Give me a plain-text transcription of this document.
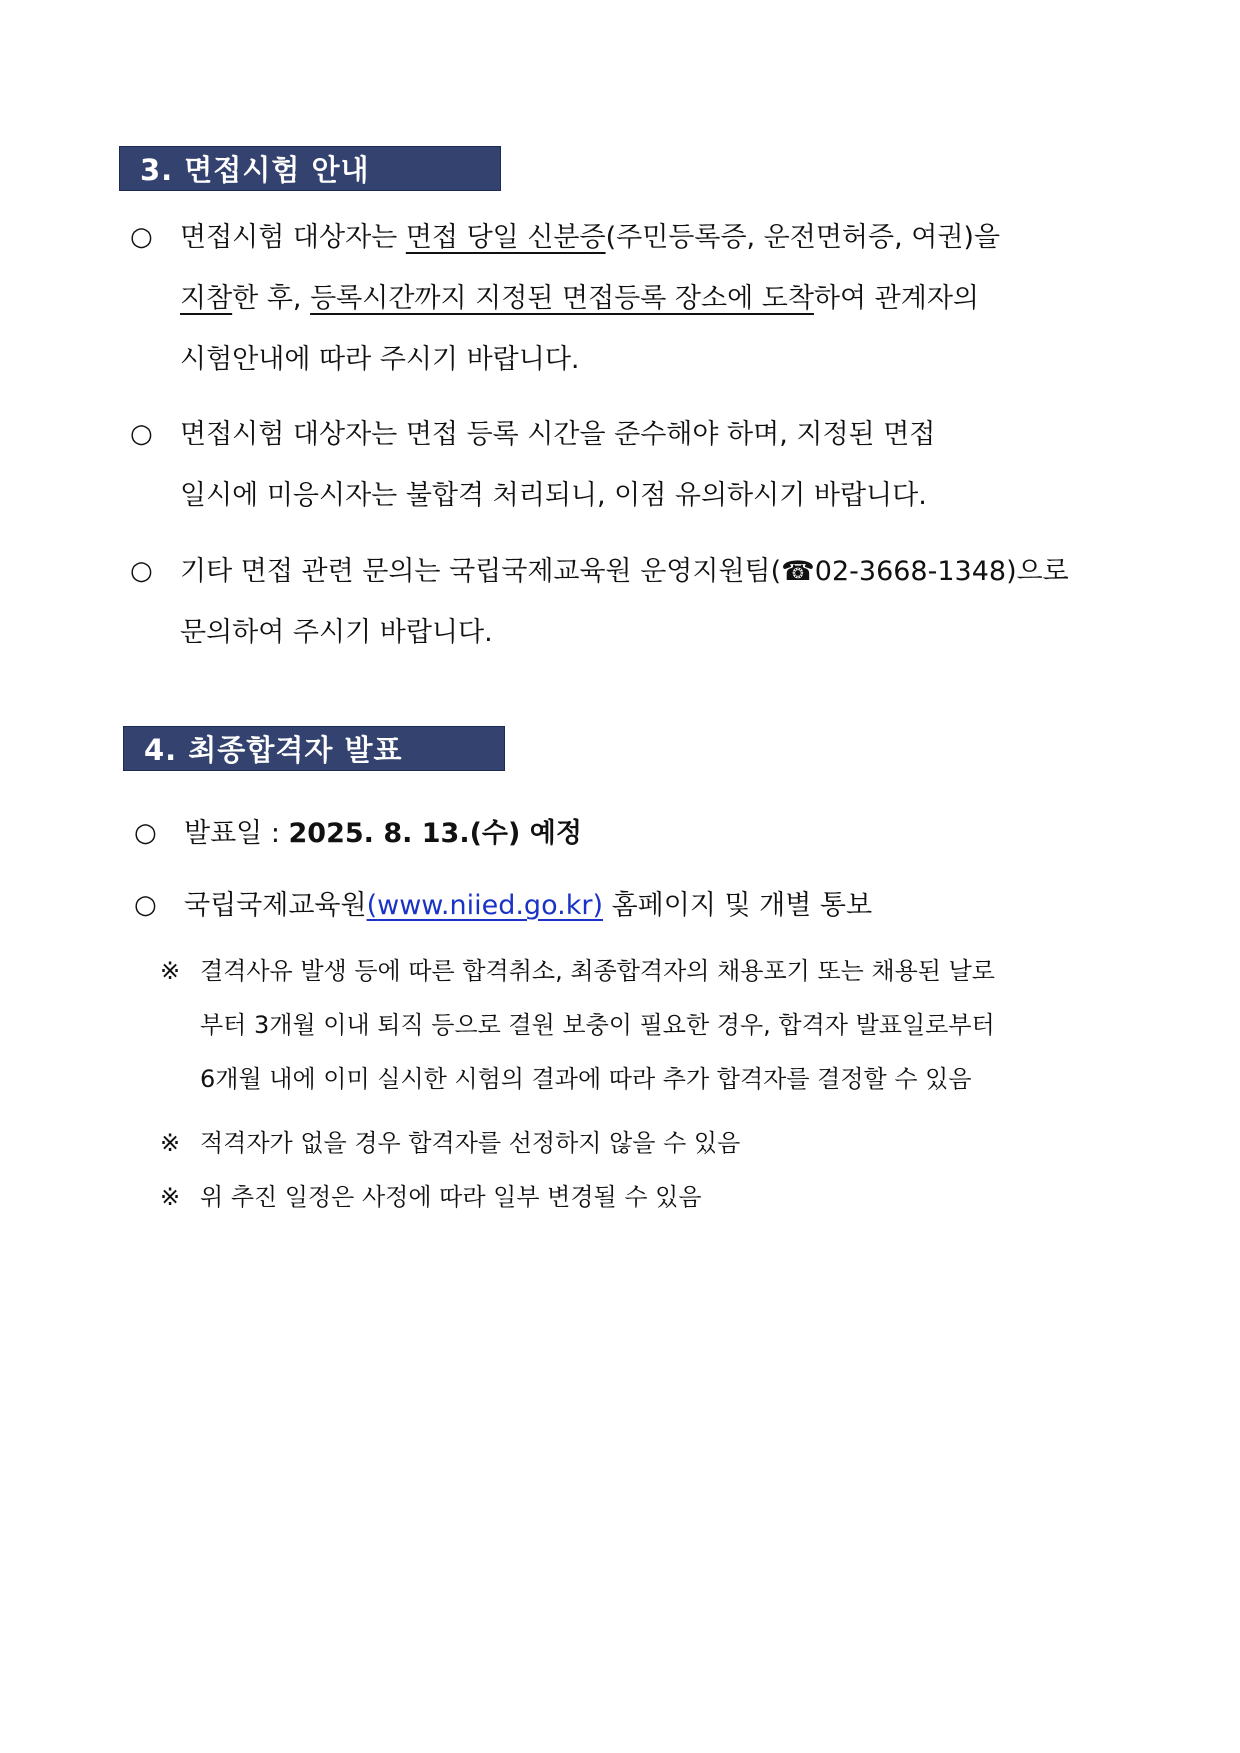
3. 면접시험 안내
○	면접시험 대상자는 면접 당일 신분증(주민등록증, 운전면허증, 여권)을
지참한 후, 등록시간까지 지정된 면접등록 장소에 도착하여 관계자의
시험안내에 따라 주시기 바랍니다.
○	면접시험 대상자는 면접 등록 시간을 준수해야 하며, 지정된 면접
일시에 미응시자는 불합격 처리되니, 이점 유의하시기 바랍니다.
○	기타 면접 관련 문의는 국립국제교육원 운영지원팀(☎02-3668-1348)으로
문의하여 주시기 바랍니다.
4. 최종합격자 발표
○	발표일 : 2025. 8. 13.(수) 예정
○	국립국제교육원(www.niied.go.kr) 홈페이지 및 개별 통보
※ 결격사유 발생 등에 따른 합격취소, 최종합격자의 채용포기 또는 채용된 날로
부터 3개월 이내 퇴직 등으로 결원 보충이 필요한 경우, 합격자 발표일로부터
6개월 내에 이미 실시한 시험의 결과에 따라 추가 합격자를 결정할 수 있음
※ 적격자가 없을 경우 합격자를 선정하지 않을 수 있음
※ 위 추진 일정은 사정에 따라 일부 변경될 수 있음
